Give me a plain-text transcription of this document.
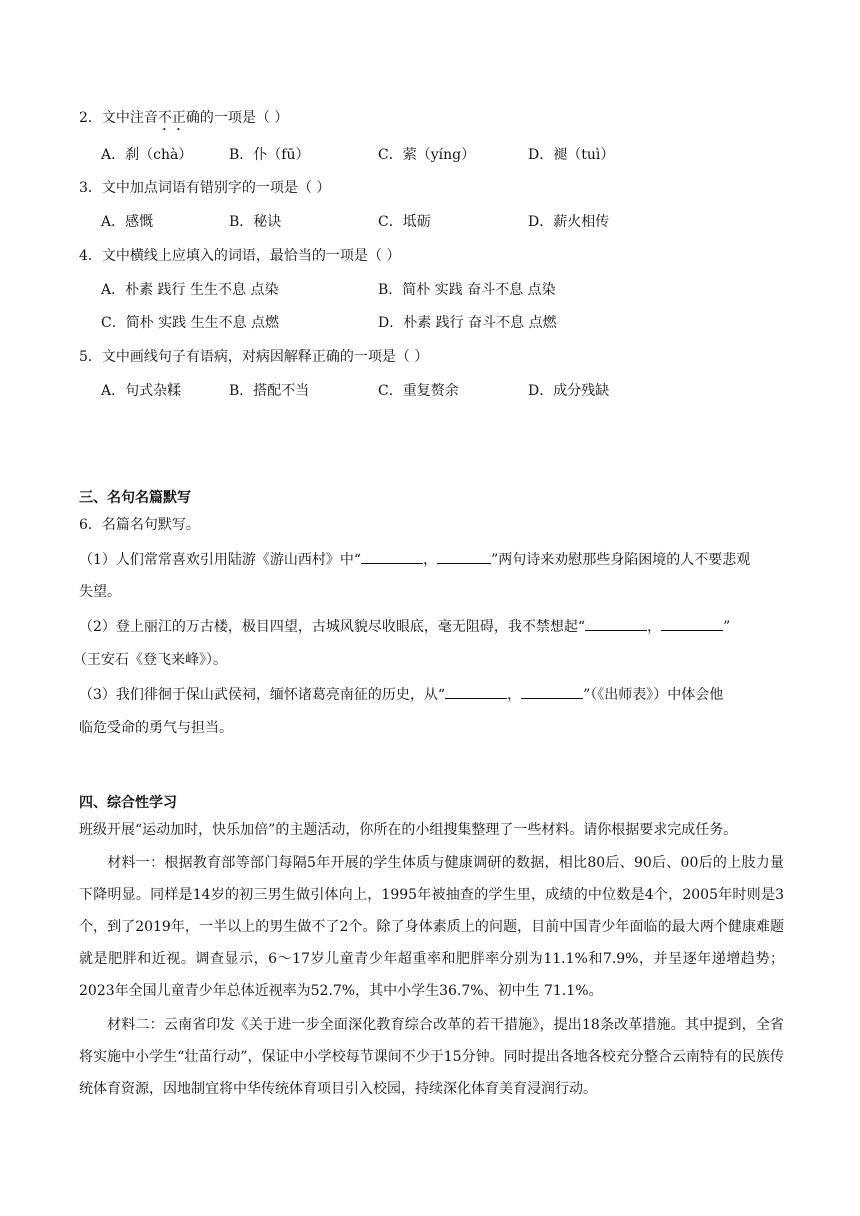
2．文中注音不正确的一项是（ ）
A．刹（chà）	B．仆（fū）	C．萦（yíng）	D．褪（tuì）
3．文中加点词语有错别字的一项是（ ）
A．感慨	B．秘诀	C．坻砺	D．薪火相传
4．文中横线上应填入的词语，最恰当的一项是（ ）
A．朴素 践行 生生不息 点染	B．简朴 实践 奋斗不息 点染
C．简朴 实践 生生不息 点燃	D．朴素 践行 奋斗不息 点燃
5．文中画线句子有语病，对病因解释正确的一项是（ ）
A．句式杂糅	B．搭配不当	C．重复赘余	D．成分残缺
三、名句名篇默写
6．名篇名句默写。
（1）人们常常喜欢引用陆游《游山西村》中“	，	”两句诗来劝慰那些身陷困境的人不要悲观
失望。
（2）登上丽江的万古楼，极目四望，古城风貌尽收眼底，毫无阻碍，我不禁想起“	，	”
（王安石《登飞来峰》）。
（3）我们徘徊于保山武侯祠，缅怀诸葛亮南征的历史，从“	，	”（《出师表》）中体会他
临危受命的勇气与担当。
四、综合性学习
班级开展“运动加时，快乐加倍”的主题活动，你所在的小组搜集整理了一些材料。请你根据要求完成任务。
材料一：根据教育部等部门每隔5年开展的学生体质与健康调研的数据，相比80后、90后、00后的上肢力量下降明显。同样是14岁的初三男生做引体向上，1995年被抽查的学生里，成绩的中位数是4个，2005年时则是3个，到了2019年，一半以上的男生做不了2个。除了身体素质上的问题，目前中国青少年面临的最大两个健康难题就是肥胖和近视。调查显示，6～17岁儿童青少年超重率和肥胖率分别为11.1%和7.9%，并呈逐年递增趋势；2023年全国儿童青少年总体近视率为52.7%，其中小学生36.7%、初中生 71.1%。
材料二：云南省印发《关于进一步全面深化教育综合改革的若干措施》，提出18条改革措施。其中提到，全省将实施中小学生“壮苗行动”，保证中小学校每节课间不少于15分钟。同时提出各地各校充分整合云南特有的民族传统体育资源，因地制宜将中华传统体育项目引入校园，持续深化体育美育浸润行动。
